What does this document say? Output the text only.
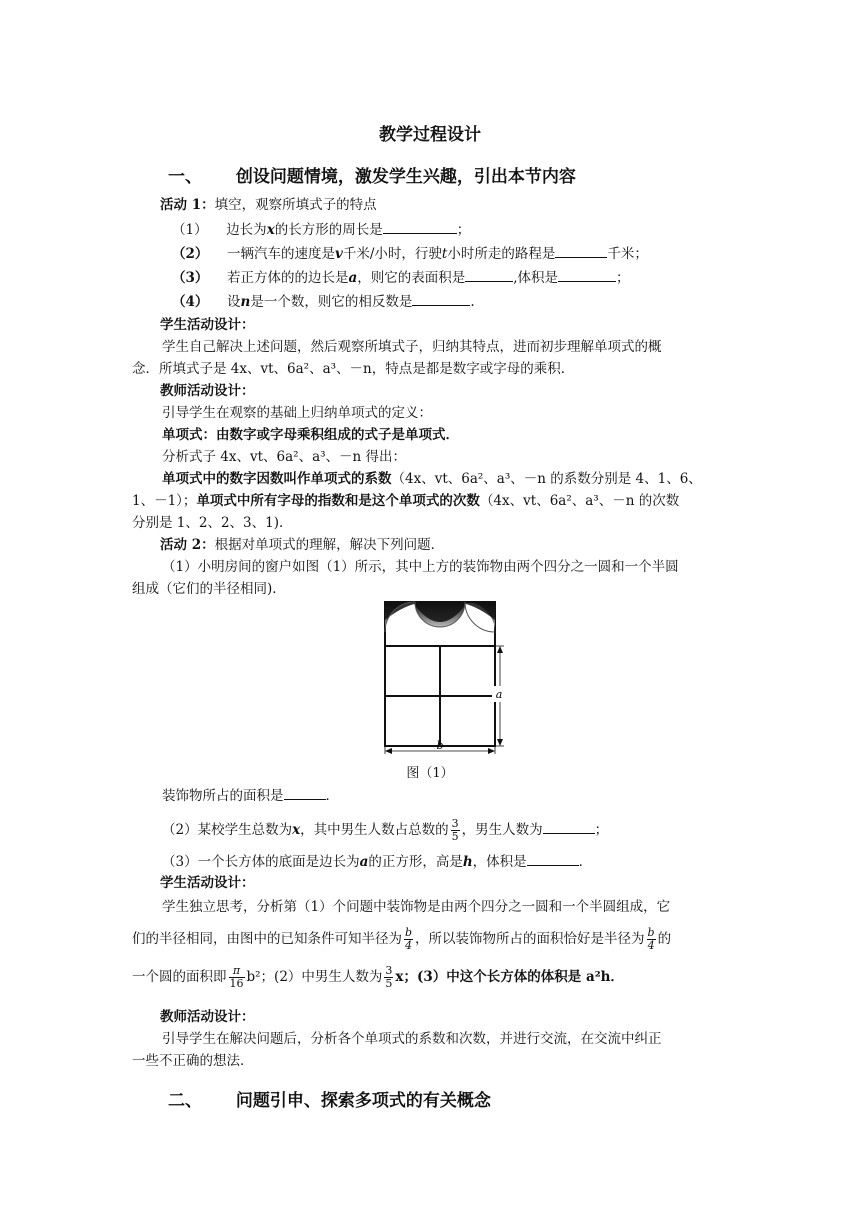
教学过程设计
一、 创设问题情境，激发学生兴趣，引出本节内容
活动 1：填空，观察所填式子的特点
（1） 边长为x的长方形的周长是	；
（2） 一辆汽车的速度是v千米/小时，行驶t小时所走的路程是	千米；
（3） 若正方体的的边长是a，则它的表面积是	,体积是	；
（4） 设n是一个数，则它的相反数是	.
学生活动设计：
学生自己解决上述问题，然后观察所填式子，归纳其特点，进而初步理解单项式的概
念．所填式子是 4x、vt、6a²、a³、－n，特点是都是数字或字母的乘积．
教师活动设计：
引导学生在观察的基础上归纳单项式的定义：
单项式：由数字或字母乘积组成的式子是单项式．
分析式子 4x、vt、6a²、a³、－n 得出：
单项式中的数字因数叫作单项式的系数（4x、vt、6a²、a³、－n 的系数分别是 4、1、6、
1、－1）；单项式中所有字母的指数和是这个单项式的次数（4x、vt、6a²、a³、－n 的次数
分别是 1、2、2、3、1)．
活动 2：根据对单项式的理解，解决下列问题．
（1）小明房间的窗户如图（1）所示，其中上方的装饰物由两个四分之一圆和一个半圆
组成（它们的半径相同)．
a
b
图（1）
装饰物所占的面积是	．
（2）某校学生总数为x，其中男生人数占总数的 $\frac{3}{5}$ ，男生人数为	；
（3）一个长方体的底面是边长为a的正方形，高是h，体积是	．
学生活动设计：
学生独立思考，分析第（1）个问题中装饰物是由两个四分之一圆和一个半圆组成，它
们的半径相同，由图中的已知条件可知半径为 $\frac{b}{4}$ ，所以装饰物所占的面积恰好是半径为 $\frac{b}{4}$ 的
一个圆的面积即 $\frac{\pi}{16} b^2$；(2）中男生人数为 $\frac{3}{5}$ x；(3）中这个长方体的体积是 a²h．
教师活动设计：
引导学生在解决问题后，分析各个单项式的系数和次数，并进行交流，在交流中纠正
一些不正确的想法．
二、 问题引申、探索多项式的有关概念
